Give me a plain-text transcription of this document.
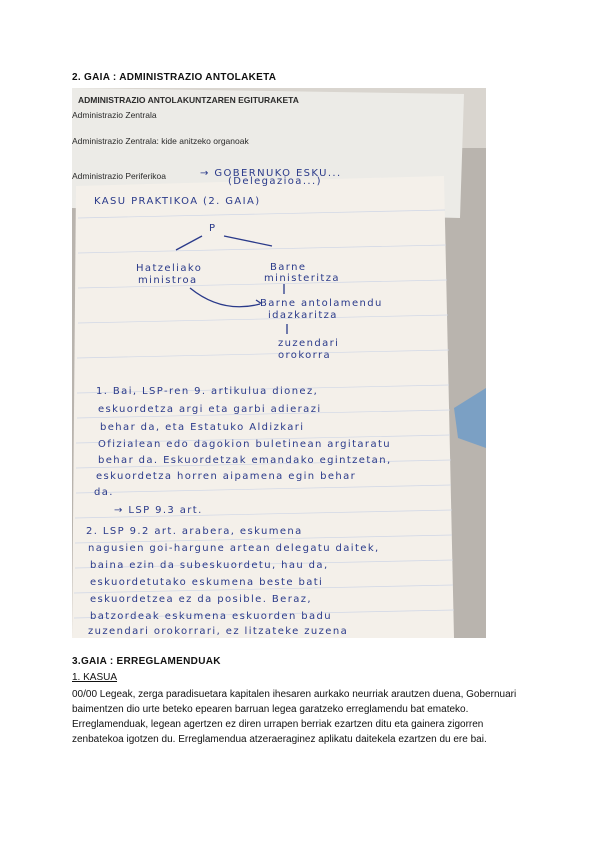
2. GAIA : ADMINISTRAZIO ANTOLAKETA
ADMINISTRAZIO ANTOLAKUNTZAREN EGITURAKETA
Administrazio Zentrala
Administrazio Zentrala: kide anitzeko organoak
Administrazio Periferikoa	→ GOBERNUKO ESKU...
(Delegazioa...)
KASU PRAKTIKOA (2. GAIA)
P
Hatzeliako
ministroa
Barne
ministeritza
Barne antolamendu
idazkaritza
zuzendari
orokorra
1. Bai, LSP-ren 9. artikulua dionez,
eskuordetza argi eta garbi adierazi
behar da, eta Estatuko Aldizkari
Ofizialean edo dagokion buletinean argitaratu
behar da. Eskuordetzak emandako egintzetan,
eskuordetza horren aipamena egin behar
da.
→ LSP 9.3 art.
2. LSP 9.2 art. arabera, eskumena
nagusien goi-hargune artean delegatu daitek,
baina ezin da subeskuordetu, hau da,
eskuordetutako eskumena beste bati
eskuordetzea ez da posible. Beraz,
batzordeak eskumena eskuorden badu
zuzendari orokorrari, ez litzateke zuzena
3.GAIA : ERREGLAMENDUAK
1. KASUA
00/00 Legeak, zerga paradisuetara kapitalen ihesaren aurkako neurriak arautzen duena, Gobernuari baimentzen dio urte beteko epearen barruan legea garatzeko erreglamendu bat emateko. Erreglamenduak, legean agertzen ez diren urrapen berriak ezartzen ditu eta gainera zigorren zenbatekoa igotzen du. Erreglamendua atzeraeraginez aplikatu daitekela ezartzen du ere bai.
